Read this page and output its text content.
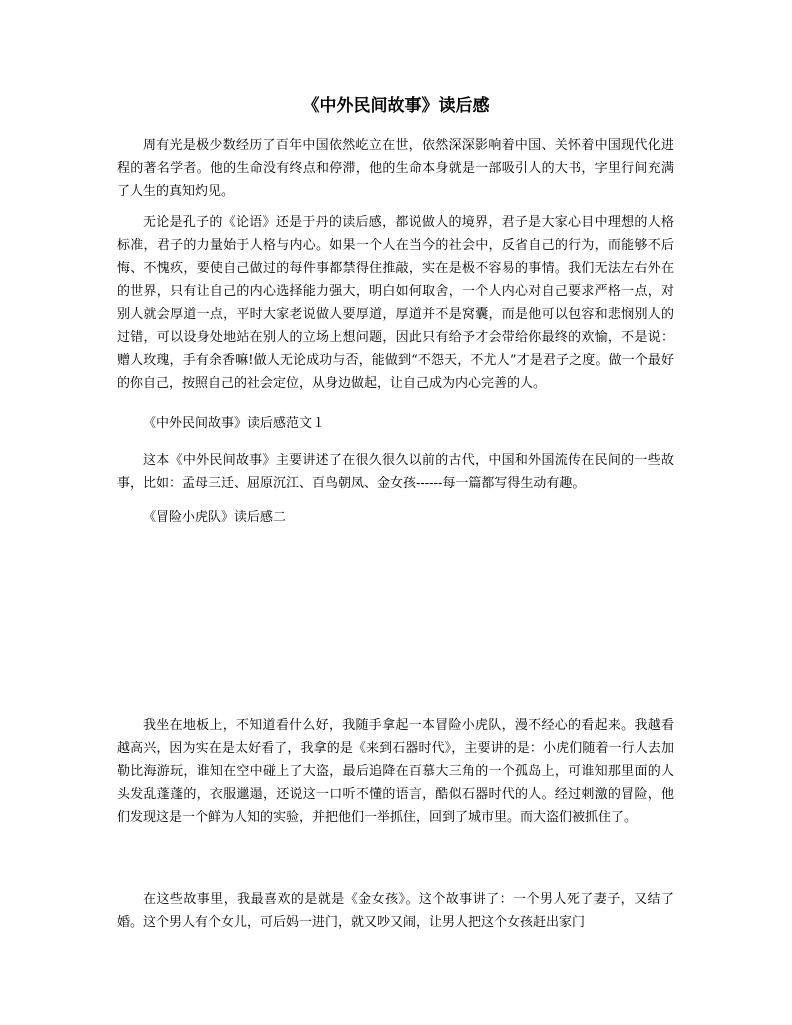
《中外民间故事》读后感

周有光是极少数经历了百年中国依然屹立在世，依然深深影响着中国、关怀着中国现代化进程的著名学者。他的生命没有终点和停滞，他的生命本身就是一部吸引人的大书，字里行间充满了人生的真知灼见。

无论是孔子的《论语》还是于丹的读后感，都说做人的境界，君子是大家心目中理想的人格标准，君子的力量始于人格与内心。如果一个人在当今的社会中，反省自己的行为，而能够不后悔、不愧疚，要使自己做过的每件事都禁得住推敲，实在是极不容易的事情。我们无法左右外在的世界，只有让自己的内心选择能力强大，明白如何取舍，一个人内心对自己要求严格一点，对别人就会厚道一点，平时大家老说做人要厚道，厚道并不是窝囊，而是他可以包容和悲悯别人的过错，可以设身处地站在别人的立场上想问题，因此只有给予才会带给你最终的欢愉，不是说：赠人玫瑰，手有余香嘛!做人无论成功与否，能做到“不怨天，不尤人”才是君子之度。做一个最好的你自己，按照自己的社会定位，从身边做起，让自己成为内心完善的人。

《中外民间故事》读后感范文１

这本《中外民间故事》主要讲述了在很久很久以前的古代，中国和外国流传在民间的一些故事，比如：孟母三迁、屈原沉江、百鸟朝凤、金女孩------每一篇都写得生动有趣。

《冒险小虎队》读后感二

我坐在地板上，不知道看什么好，我随手拿起一本冒险小虎队，漫不经心的看起来。我越看越高兴，因为实在是太好看了，我拿的是《来到石器时代》，主要讲的是：小虎们随着一行人去加勒比海游玩，谁知在空中碰上了大盗，最后追降在百慕大三角的一个孤岛上，可谁知那里面的人头发乱蓬蓬的，衣服邋遢，还说这一口听不懂的语言，酷似石器时代的人。经过刺激的冒险，他们发现这是一个鲜为人知的实验，并把他们一举抓住，回到了城市里。而大盗们被抓住了。

在这些故事里，我最喜欢的是就是《金女孩》。这个故事讲了：一个男人死了妻子，又结了婚。这个男人有个女儿，可后妈一进门，就又吵又闹，让男人把这个女孩赶出家门
